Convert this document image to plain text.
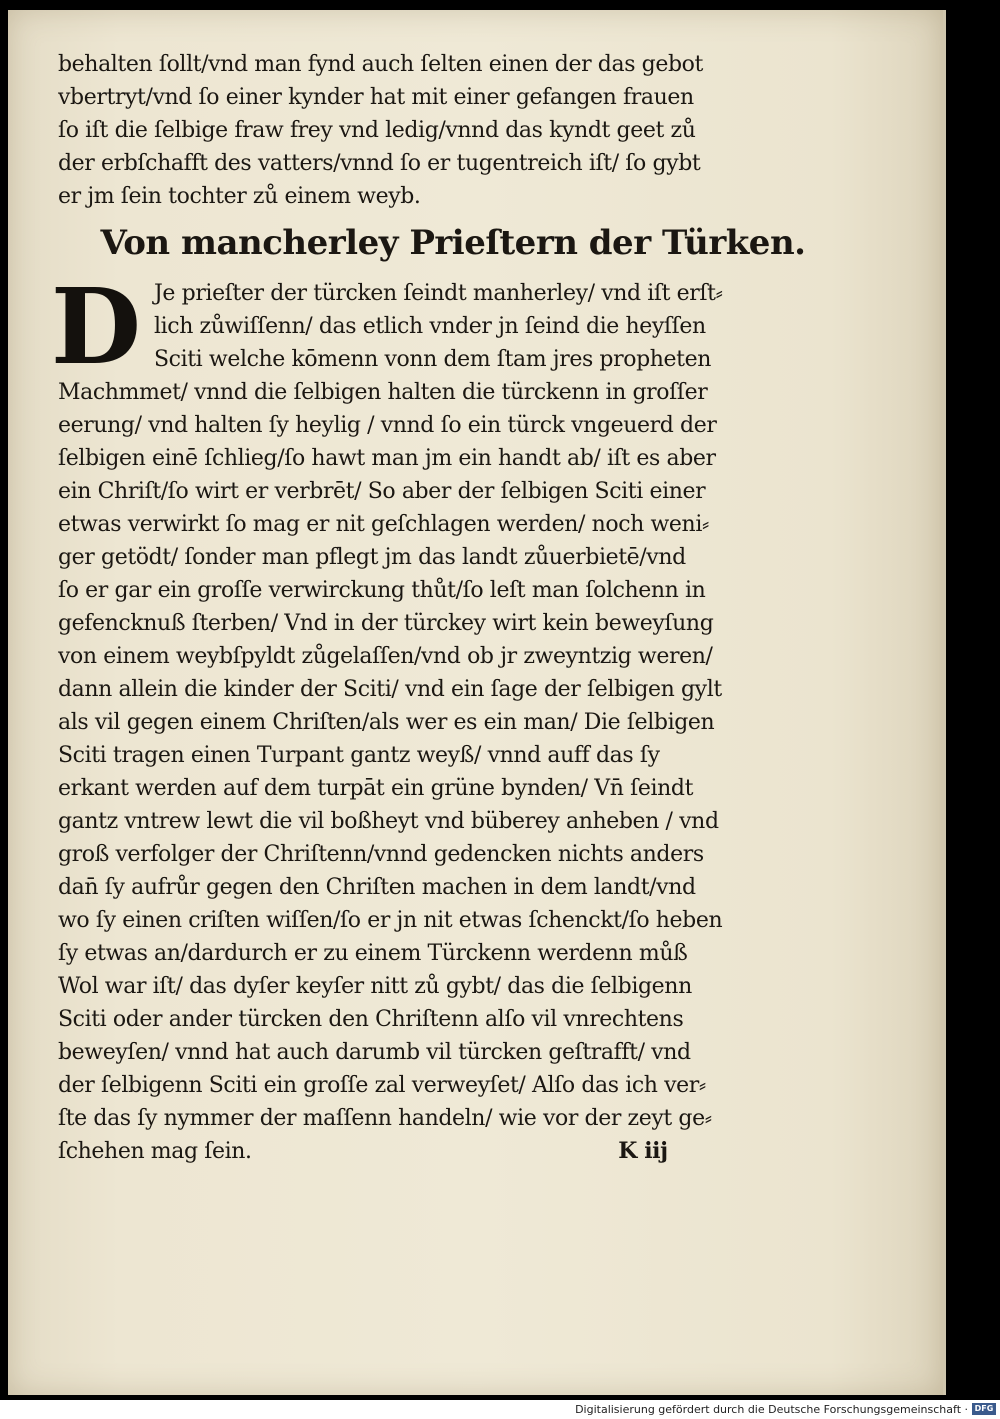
behalten ſollt/vnd man fynd auch ſelten einen der das gebot
vbertryt/vnd ſo einer kynder hat mit einer gefangen frauen
ſo iſt die ſelbige fraw frey vnd ledig/vnnd das kyndt geet zů
der erbſchafft des vatters/vnnd ſo er tugentreich iſt/ ſo gybt
er jm ſein tochter zů einem weyb.
Von mancherley Prieſtern der Türken.
D Je prieſter der türcken ſeindt manherley/ vnd iſt erſt⸗
lich zůwiſſenn/ das etlich vnder jn ſeind die heyſſen
Sciti welche kōmenn vonn dem ſtam jres propheten
Machmmet/ vnnd die ſelbigen halten die türckenn in groſſer
eerung/ vnd halten ſy heylig / vnnd ſo ein türck vngeuerd der
ſelbigen einē ſchlieg/ſo hawt man jm ein handt ab/ iſt es aber
ein Chriſt/ſo wirt er verbrēt/ So aber der ſelbigen Sciti einer
etwas verwirkt ſo mag er nit geſchlagen werden/ noch weni⸗
ger getödt/ ſonder man pflegt jm das landt zůuerbietē/vnd
ſo er gar ein groſſe verwirckung thůt/ſo leſt man ſolchenn in
gefencknuß ſterben/ Vnd in der türckey wirt kein beweyſung
von einem weybſpyldt zůgelaſſen/vnd ob jr zweyntzig weren/
dann allein die kinder der Sciti/ vnd ein ſage der ſelbigen gylt
als vil gegen einem Chriſten/als wer es ein man/ Die ſelbigen
Sciti tragen einen Turpant gantz weyß/ vnnd auff das ſy
erkant werden auf dem turpāt ein grüne bynden/ Vn̄ ſeindt
gantz vntrew lewt die vil boßheyt vnd büberey anheben / vnd
groß verfolger der Chriſtenn/vnnd gedencken nichts anders
dan̄ ſy aufrůr gegen den Chriſten machen in dem landt/vnd
wo ſy einen criſten wiſſen/ſo er jn nit etwas ſchenckt/ſo heben
ſy etwas an/dardurch er zu einem Türckenn werdenn můß
Wol war iſt/ das dyſer keyſer nitt zů gybt/ das die ſelbigenn
Sciti oder ander türcken den Chriſtenn alſo vil vnrechtens
beweyſen/ vnnd hat auch darumb vil türcken geſtrafft/ vnd
der ſelbigenn Sciti ein groſſe zal verweyſet/ Alſo das ich ver⸗
ſte das ſy nymmer der maſſenn handeln/ wie vor der zeyt ge⸗
ſchehen mag ſein.	K iij
Digitalisierung gefördert durch die Deutsche Forschungsgemeinschaft · DFG
